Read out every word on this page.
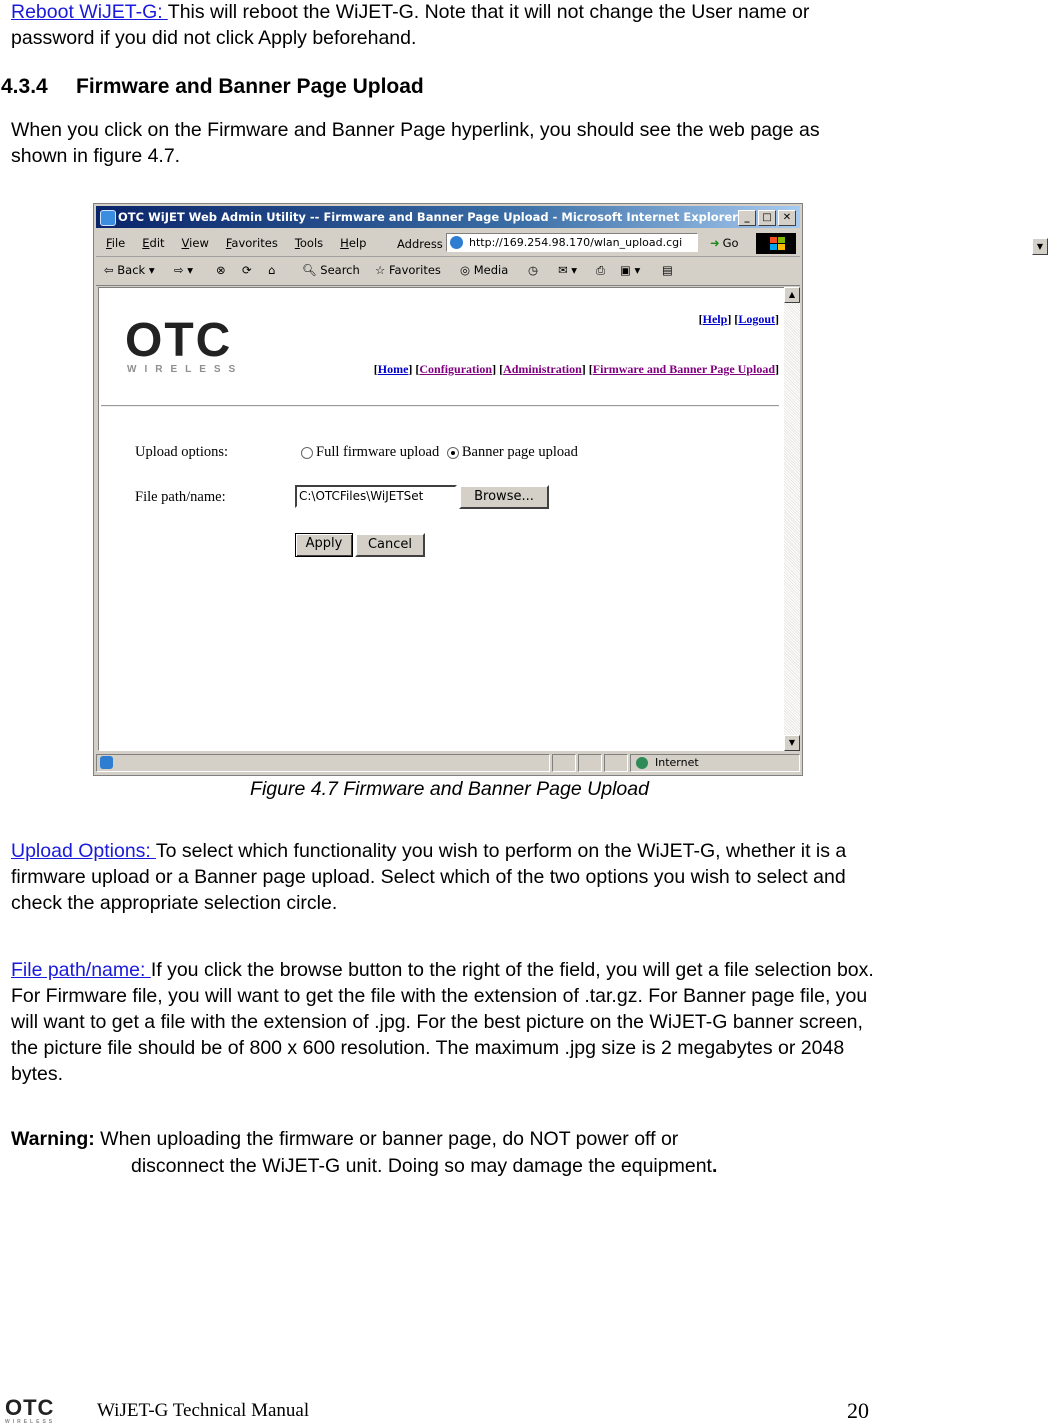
Reboot WiJET-G: This will reboot the WiJET-G. Note that it will not change the User name or password if you did not click Apply beforehand.
4.3.4 Firmware and Banner Page Upload
When you click on the Firmware and Banner Page hyperlink, you should see the web page as shown in figure 4.7.
OTC WiJET Web Admin Utility -- Firmware and Banner Page Upload - Microsoft Internet Explorer _	□	✕
File Edit View Favorites Tools Help	Address	http://169.254.98.170/wlan_upload.cgi	▼
➜ Go
⇦ Back ▾ ⇨ ▾ ⊗ ⟳ ⌂ 🔍︎ Search ☆ Favorites ◎ Media ◷ ✉ ▾ ⎙ ▣ ▾ ▤
[Help] [Logout]
OTC
WIRELESS	[Home] [Configuration] [Administration] [Firmware and Banner Page Upload]
Upload options:	Full firmware upload Banner page upload
File path/name:	C:\OTCFiles\WiJETSet	Browse...
Apply	Cancel
▲
▼
Internet
Figure 4.7 Firmware and Banner Page Upload
Upload Options: To select which functionality you wish to perform on the WiJET-G, whether it is a firmware upload or a Banner page upload. Select which of the two options you wish to select and check the appropriate selection circle.
File path/name: If you click the browse button to the right of the field, you will get a file selection box. For Firmware file, you will want to get the file with the extension of .tar.gz. For Banner page file, you will want to get a file with the extension of .jpg. For the best picture on the WiJET-G banner screen, the picture file should be of 800 x 600 resolution. The maximum .jpg size is 2 megabytes or 2048 bytes.
Warning: When uploading the firmware or banner page, do NOT power off or
disconnect the WiJET-G unit. Doing so may damage the equipment.
OTC
WIRELESS
WiJET-G Technical Manual	20
